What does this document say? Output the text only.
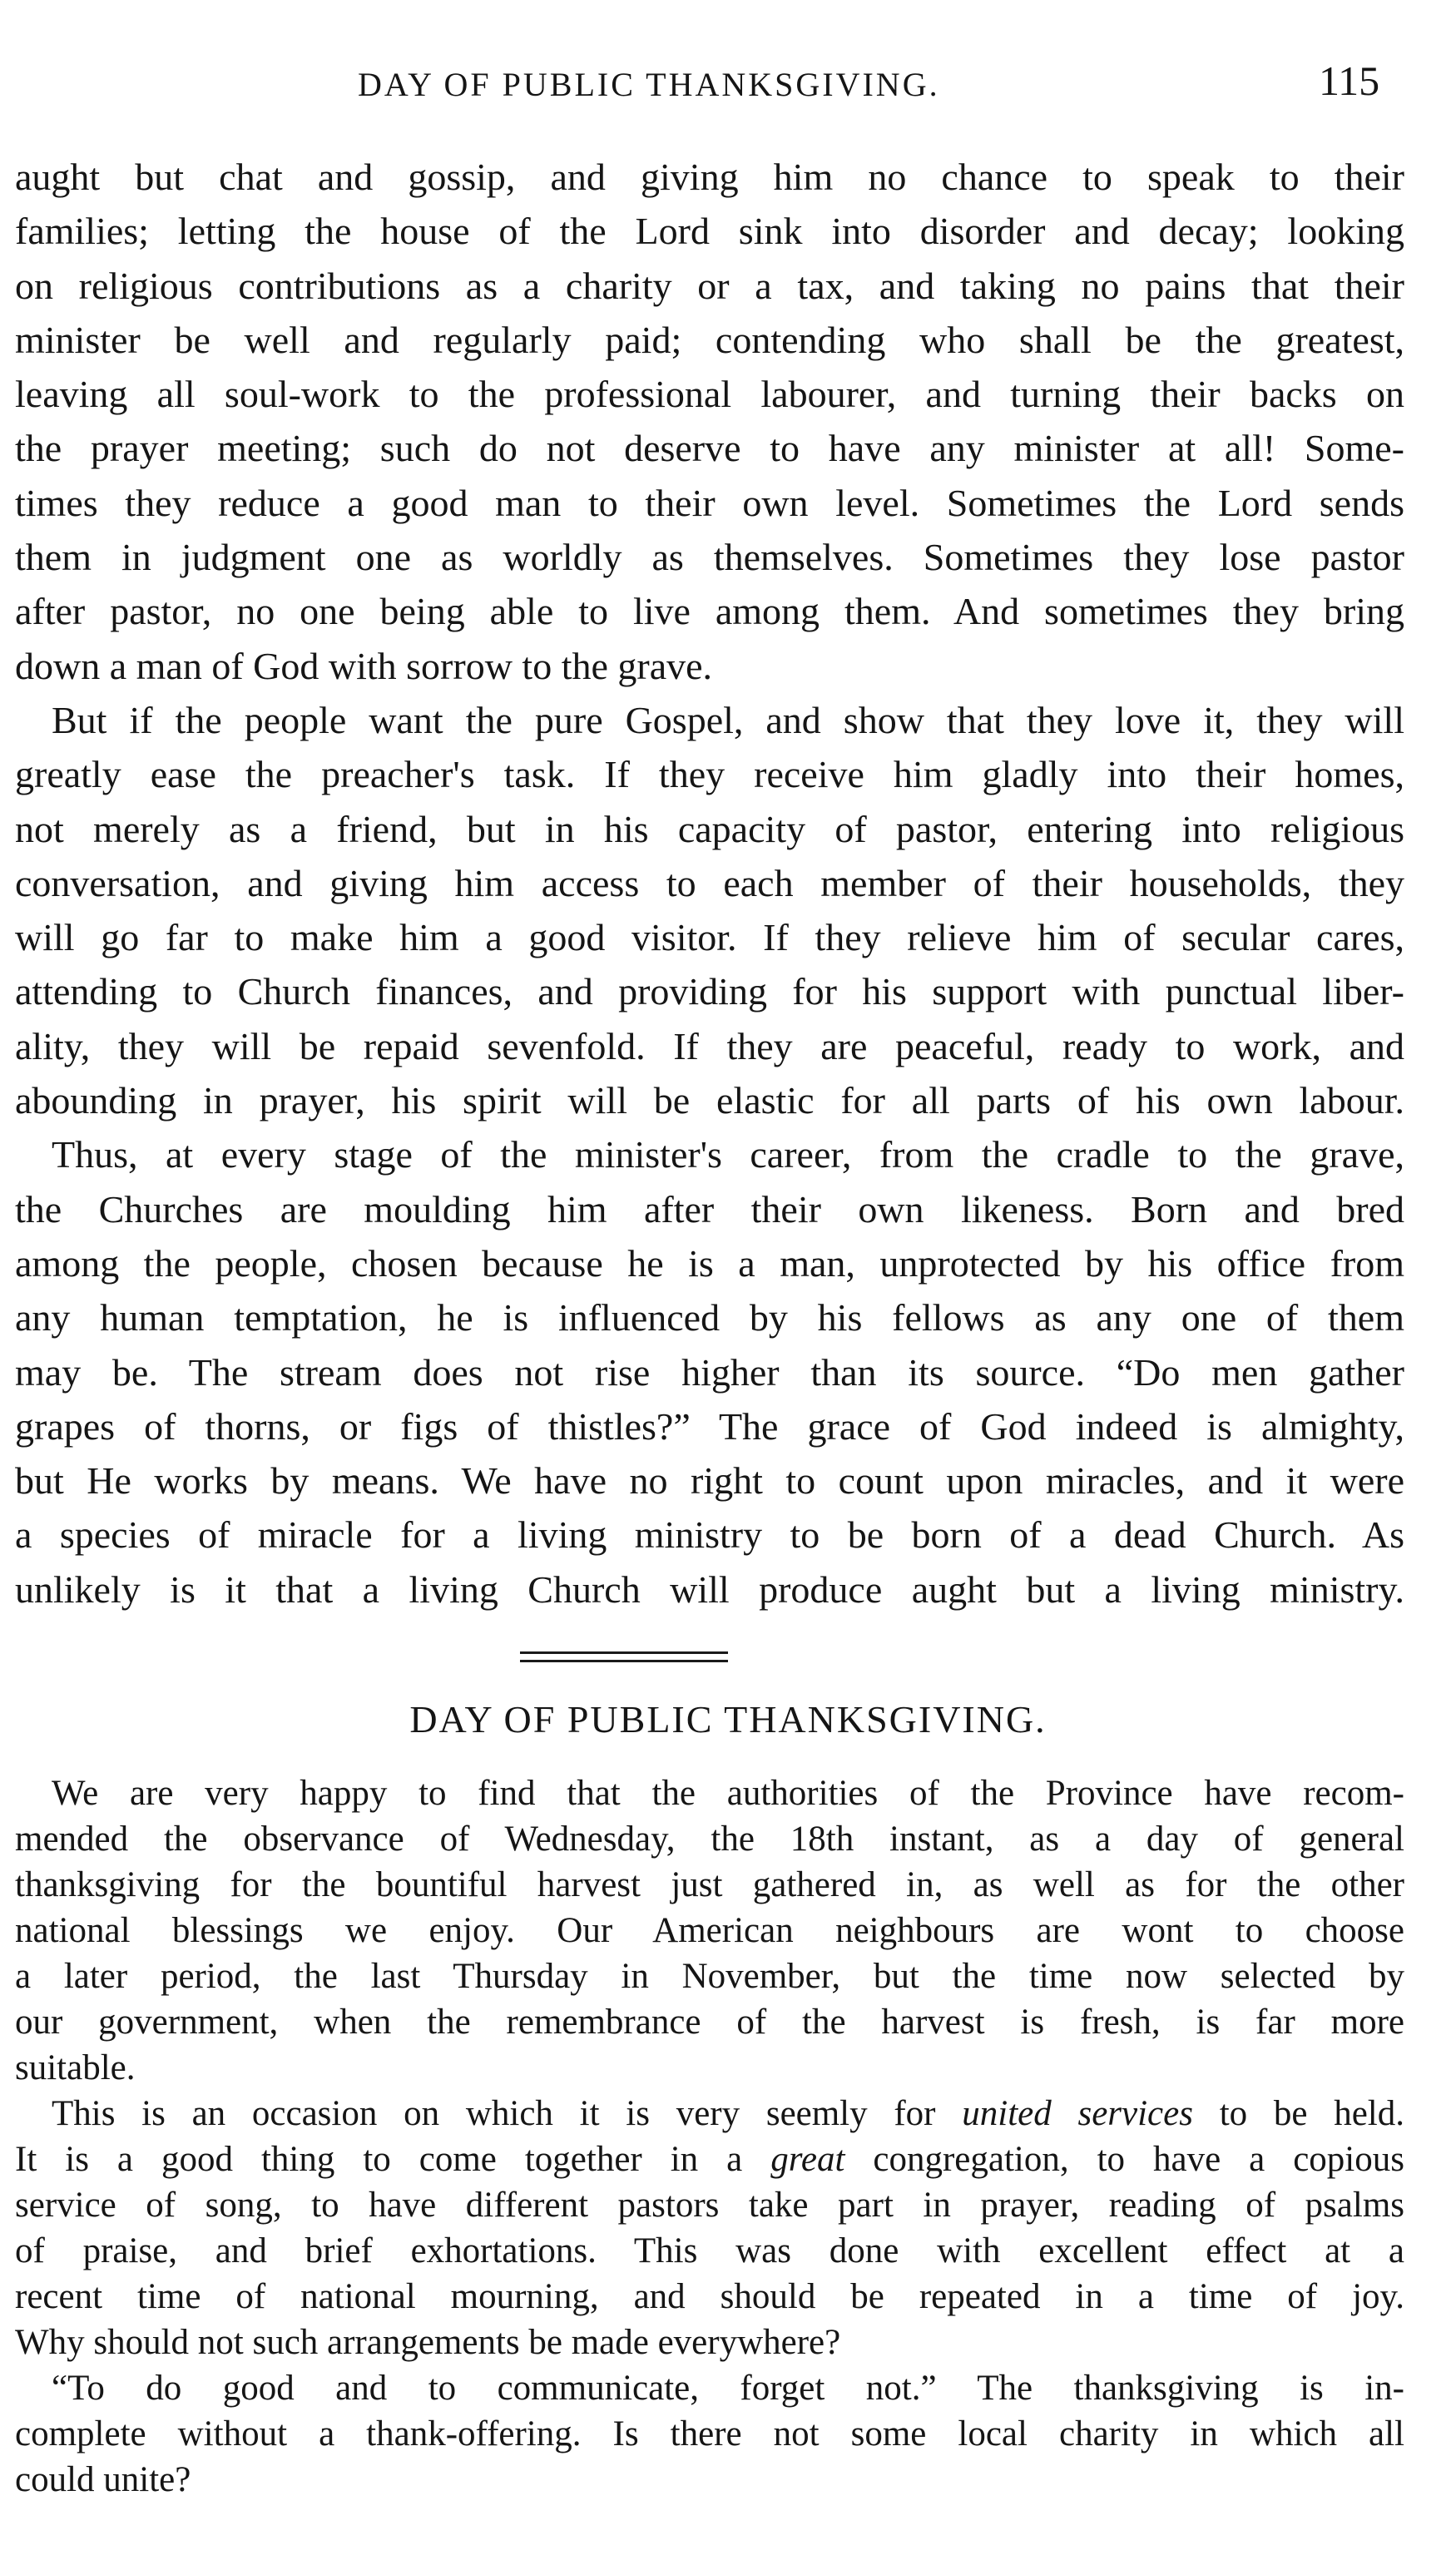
DAY OF PUBLIC THANKSGIVING.	115
aught but chat and gossip, and giving him no chance to speak to their
families; letting the house of the Lord sink into disorder and decay; looking
on religious contributions as a charity or a tax, and taking no pains that their
minister be well and regularly paid; contending who shall be the greatest,
leaving all soul-work to the professional labourer, and turning their backs on
the prayer meeting; such do not deserve to have any minister at all! Some-
times they reduce a good man to their own level. Sometimes the Lord sends
them in judgment one as worldly as themselves. Sometimes they lose pastor
after pastor, no one being able to live among them. And sometimes they bring
down a man of God with sorrow to the grave.
But if the people want the pure Gospel, and show that they love it, they will
greatly ease the preacher's task. If they receive him gladly into their homes,
not merely as a friend, but in his capacity of pastor, entering into religious
conversation, and giving him access to each member of their households, they
will go far to make him a good visitor. If they relieve him of secular cares,
attending to Church finances, and providing for his support with punctual liber-
ality, they will be repaid sevenfold. If they are peaceful, ready to work, and
abounding in prayer, his spirit will be elastic for all parts of his own labour.
Thus, at every stage of the minister's career, from the cradle to the grave,
the Churches are moulding him after their own likeness. Born and bred
among the people, chosen because he is a man, unprotected by his office from
any human temptation, he is influenced by his fellows as any one of them
may be. The stream does not rise higher than its source. “Do men gather
grapes of thorns, or figs of thistles?” The grace of God indeed is almighty,
but He works by means. We have no right to count upon miracles, and it were
a species of miracle for a living ministry to be born of a dead Church. As
unlikely is it that a living Church will produce aught but a living ministry.
DAY OF PUBLIC THANKSGIVING.
We are very happy to find that the authorities of the Province have recom-
mended the observance of Wednesday, the 18th instant, as a day of general
thanksgiving for the bountiful harvest just gathered in, as well as for the other
national blessings we enjoy. Our American neighbours are wont to choose
a later period, the last Thursday in November, but the time now selected by
our government, when the remembrance of the harvest is fresh, is far more
suitable.
This is an occasion on which it is very seemly for united services to be held.
It is a good thing to come together in a great congregation, to have a copious
service of song, to have different pastors take part in prayer, reading of psalms
of praise, and brief exhortations. This was done with excellent effect at a
recent time of national mourning, and should be repeated in a time of joy.
Why should not such arrangements be made everywhere?
“To do good and to communicate, forget not.” The thanksgiving is in-
complete without a thank-offering. Is there not some local charity in which all
could unite?
